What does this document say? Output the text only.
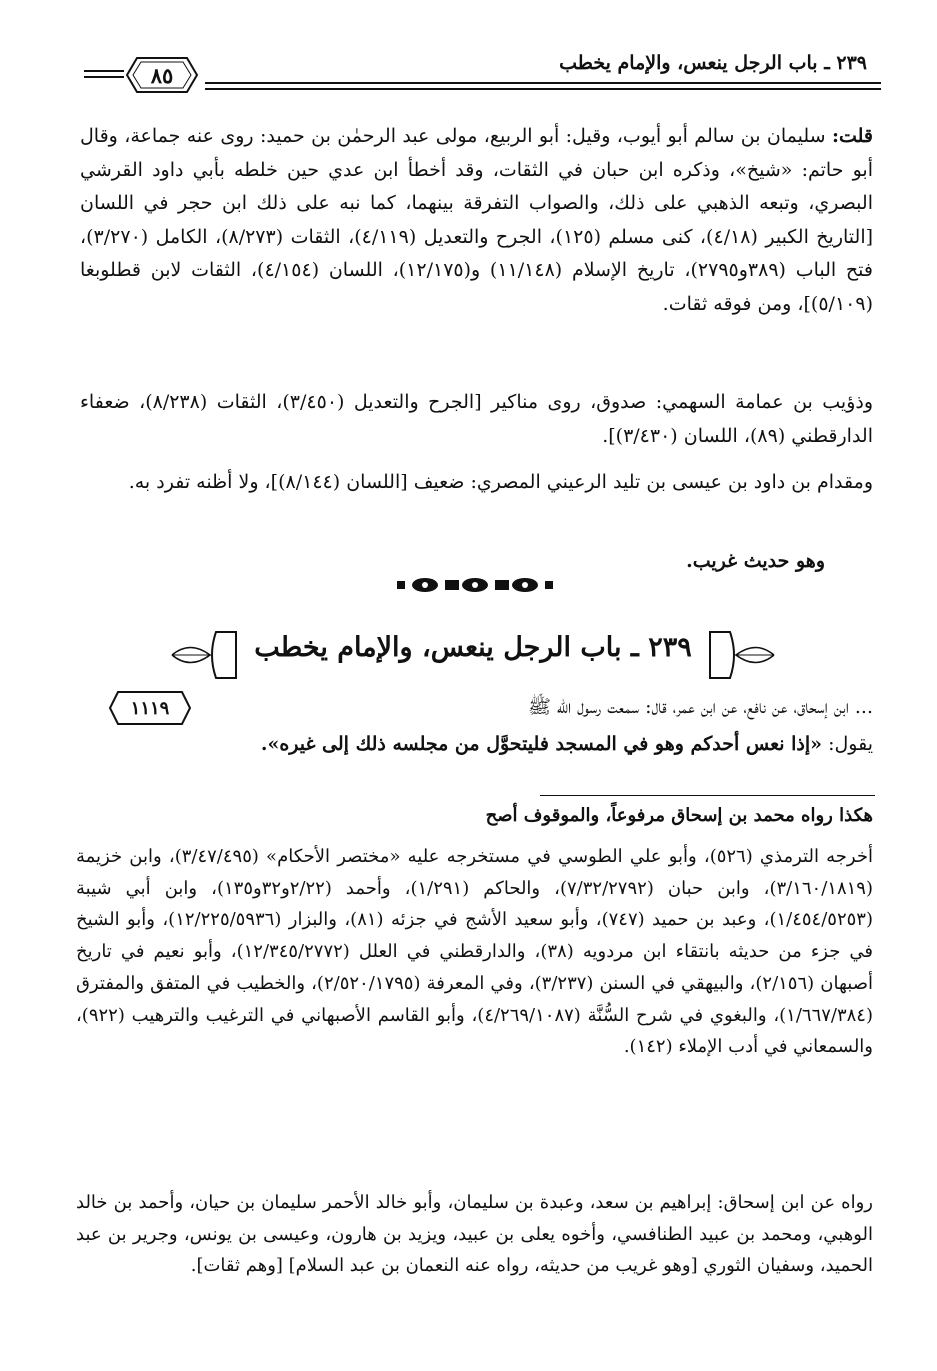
٢٣٩ ـ باب الرجل ينعس، والإمام يخطب
٨٥
قلت: سليمان بن سالم أبو أيوب، وقيل: أبو الربيع، مولى عبد الرحمٰن بن حميد: روى عنه جماعة، وقال أبو حاتم: «شيخ»، وذكره ابن حبان في الثقات، وقد أخطأ ابن عدي حين خلطه بأبي داود القرشي البصري، وتبعه الذهبي على ذلك، والصواب التفرقة بينهما، كما نبه على ذلك ابن حجر في اللسان [التاريخ الكبير (٤/١٨)، كنى مسلم (١٢٥)، الجرح والتعديل (٤/١١٩)، الثقات (٨/٢٧٣)، الكامل (٣/٢٧٠)، فتح الباب (٣٨٩و٢٧٩٥)، تاريخ الإسلام (١١/١٤٨) و(١٢/١٧٥)، اللسان (٤/١٥٤)، الثقات لابن قطلوبغا (٥/١٠٩)]، ومن فوقه ثقات.
وذؤيب بن عمامة السهمي: صدوق، روى مناكير [الجرح والتعديل (٣/٤٥٠)، الثقات (٨/٢٣٨)، ضعفاء الدارقطني (٨٩)، اللسان (٣/٤٣٠)].
ومقدام بن داود بن عيسى بن تليد الرعيني المصري: ضعيف [اللسان (٨/١٤٤)]، ولا أظنه تفرد به.
وهو حديث غريب.
٢٣٩ ـ باب الرجل ينعس، والإمام يخطب
١١١٩	... ابن إسحاق، عن نافع، عن ابن عمر، قال: سمعت رسول الله ﷺ
يقول: «إذا نعس أحدكم وهو في المسجد فليتحوَّل من مجلسه ذلك إلى غيره».
هكذا رواه محمد بن إسحاق مرفوعاً، والموقوف أصح
أخرجه الترمذي (٥٢٦)، وأبو علي الطوسي في مستخرجه عليه «مختصر الأحكام» (٣/٤٧/٤٩٥)، وابن خزيمة (٣/١٦٠/١٨١٩)، وابن حبان (٧/٣٢/٢٧٩٢)، والحاكم (١/٢٩١)، وأحمد (٢/٢٢و٣٢و١٣٥)، وابن أبي شيبة (١/٤٥٤/٥٢٥٣)، وعبد بن حميد (٧٤٧)، وأبو سعيد الأشج في جزئه (٨١)، والبزار (١٢/٢٢٥/٥٩٣٦)، وأبو الشيخ في جزء من حديثه بانتقاء ابن مردويه (٣٨)، والدارقطني في العلل (١٢/٣٤٥/٢٧٧٢)، وأبو نعيم في تاريخ أصبهان (٢/١٥٦)، والبيهقي في السنن (٣/٢٣٧)، وفي المعرفة (٢/٥٢٠/١٧٩٥)، والخطيب في المتفق والمفترق (١/٦٦٧/٣٨٤)، والبغوي في شرح السُّنَّة (٤/٢٦٩/١٠٨٧)، وأبو القاسم الأصبهاني في الترغيب والترهيب (٩٢٢)، والسمعاني في أدب الإملاء (١٤٢).
رواه عن ابن إسحاق: إبراهيم بن سعد، وعبدة بن سليمان، وأبو خالد الأحمر سليمان بن حيان، وأحمد بن خالد الوهبي، ومحمد بن عبيد الطنافسي، وأخوه يعلى بن عبيد، ويزيد بن هارون، وعيسى بن يونس، وجرير بن عبد الحميد، وسفيان الثوري [وهو غريب من حديثه، رواه عنه النعمان بن عبد السلام] [وهم ثقات].
